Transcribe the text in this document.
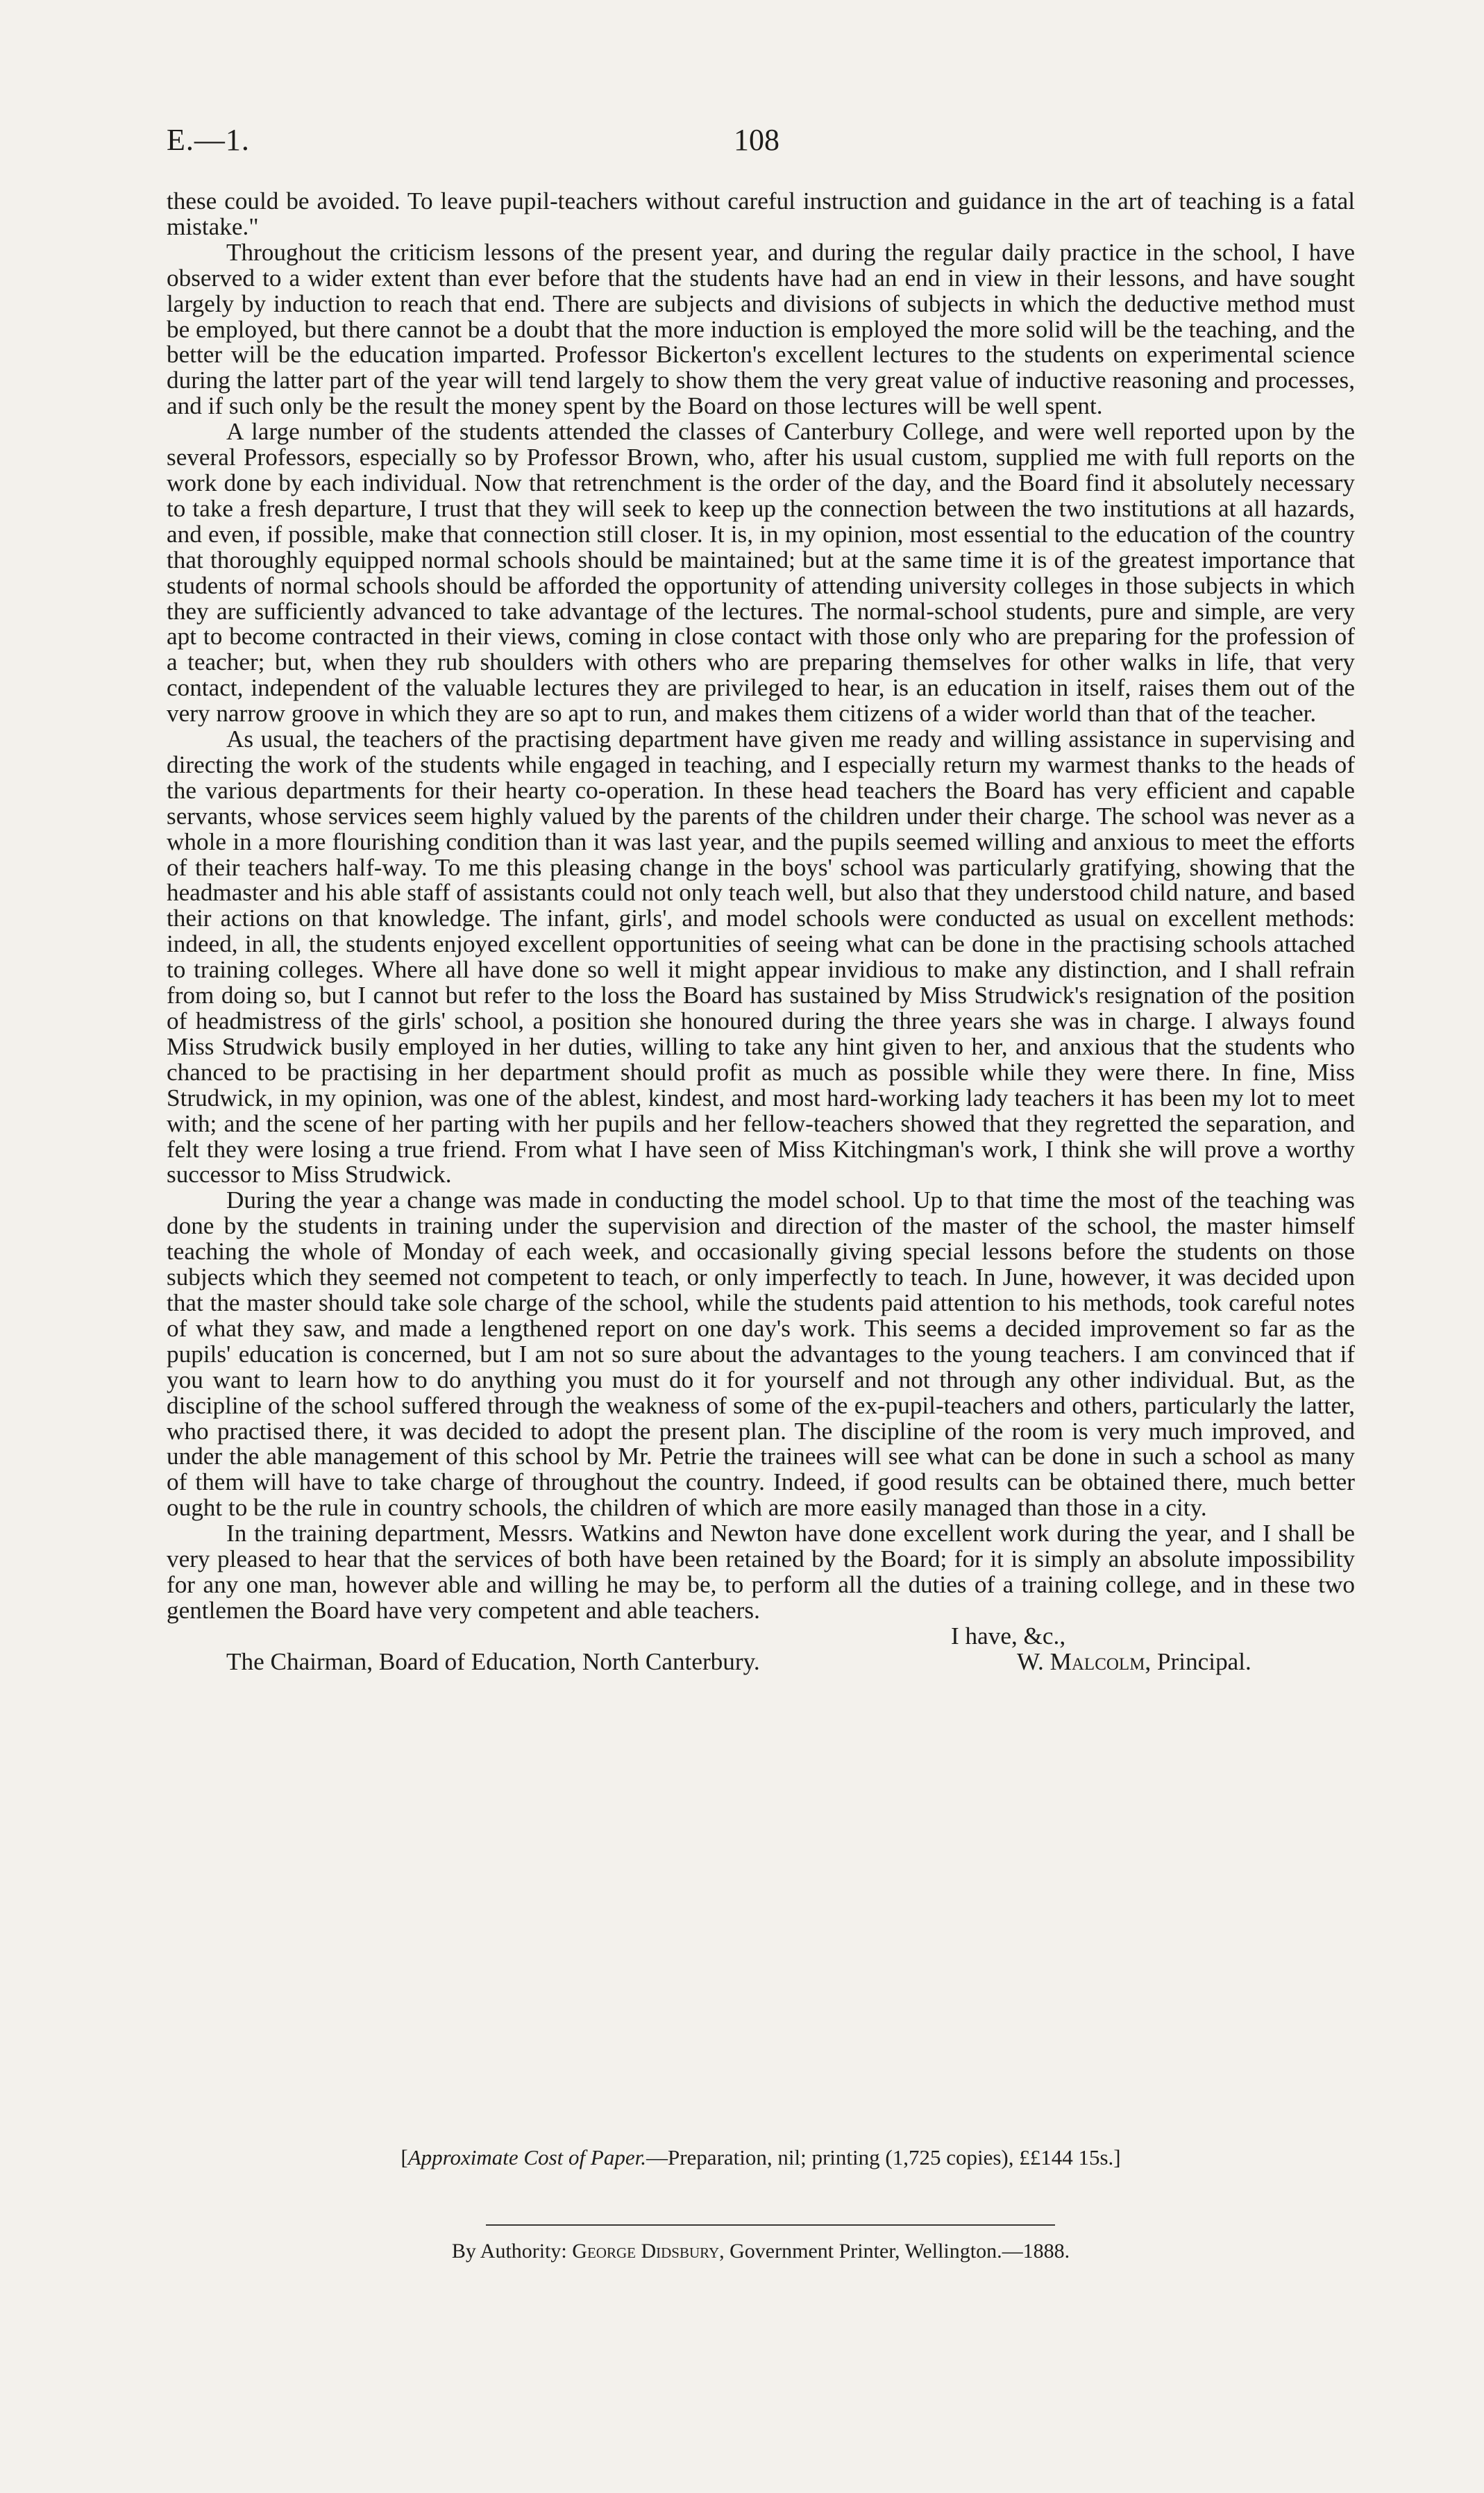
E.—1.	108

these could be avoided. To leave pupil-teachers without careful instruction and guidance in the art of teaching is a fatal mistake."

Throughout the criticism lessons of the present year, and during the regular daily practice in the school, I have observed to a wider extent than ever before that the students have had an end in view in their lessons, and have sought largely by induction to reach that end. There are subjects and divisions of subjects in which the deductive method must be employed, but there cannot be a doubt that the more induction is employed the more solid will be the teaching, and the better will be the education imparted. Professor Bickerton's excellent lectures to the students on experimental science during the latter part of the year will tend largely to show them the very great value of inductive reasoning and processes, and if such only be the result the money spent by the Board on those lectures will be well spent.

A large number of the students attended the classes of Canterbury College, and were well reported upon by the several Professors, especially so by Professor Brown, who, after his usual custom, supplied me with full reports on the work done by each individual. Now that retrenchment is the order of the day, and the Board find it absolutely necessary to take a fresh departure, I trust that they will seek to keep up the connection between the two institutions at all hazards, and even, if possible, make that connection still closer. It is, in my opinion, most essential to the education of the country that thoroughly equipped normal schools should be maintained; but at the same time it is of the greatest importance that students of normal schools should be afforded the opportunity of attending university colleges in those subjects in which they are sufficiently advanced to take advantage of the lectures. The normal-school students, pure and simple, are very apt to become contracted in their views, coming in close contact with those only who are preparing for the profession of a teacher; but, when they rub shoulders with others who are preparing themselves for other walks in life, that very contact, independent of the valuable lectures they are privileged to hear, is an education in itself, raises them out of the very narrow groove in which they are so apt to run, and makes them citizens of a wider world than that of the teacher.

As usual, the teachers of the practising department have given me ready and willing assistance in supervising and directing the work of the students while engaged in teaching, and I especially return my warmest thanks to the heads of the various departments for their hearty co-operation. In these head teachers the Board has very efficient and capable servants, whose services seem highly valued by the parents of the children under their charge. The school was never as a whole in a more flourishing condition than it was last year, and the pupils seemed willing and anxious to meet the efforts of their teachers half-way. To me this pleasing change in the boys' school was particularly gratifying, showing that the headmaster and his able staff of assistants could not only teach well, but also that they understood child nature, and based their actions on that knowledge. The infant, girls', and model schools were conducted as usual on excellent methods: indeed, in all, the students enjoyed excellent opportunities of seeing what can be done in the practising schools attached to training colleges. Where all have done so well it might appear invidious to make any distinction, and I shall refrain from doing so, but I cannot but refer to the loss the Board has sustained by Miss Strudwick's resignation of the position of headmistress of the girls' school, a position she honoured during the three years she was in charge. I always found Miss Strudwick busily employed in her duties, willing to take any hint given to her, and anxious that the students who chanced to be practising in her department should profit as much as possible while they were there. In fine, Miss Strudwick, in my opinion, was one of the ablest, kindest, and most hard-working lady teachers it has been my lot to meet with; and the scene of her parting with her pupils and her fellow-teachers showed that they regretted the separation, and felt they were losing a true friend. From what I have seen of Miss Kitchingman's work, I think she will prove a worthy successor to Miss Strudwick.

During the year a change was made in conducting the model school. Up to that time the most of the teaching was done by the students in training under the supervision and direction of the master of the school, the master himself teaching the whole of Monday of each week, and occasionally giving special lessons before the students on those subjects which they seemed not competent to teach, or only imperfectly to teach. In June, however, it was decided upon that the master should take sole charge of the school, while the students paid attention to his methods, took careful notes of what they saw, and made a lengthened report on one day's work. This seems a decided improvement so far as the pupils' education is concerned, but I am not so sure about the advantages to the young teachers. I am convinced that if you want to learn how to do anything you must do it for yourself and not through any other individual. But, as the discipline of the school suffered through the weakness of some of the ex-pupil-teachers and others, particularly the latter, who practised there, it was decided to adopt the present plan. The discipline of the room is very much improved, and under the able management of this school by Mr. Petrie the trainees will see what can be done in such a school as many of them will have to take charge of throughout the country. Indeed, if good results can be obtained there, much better ought to be the rule in country schools, the children of which are more easily managed than those in a city.

In the training department, Messrs. Watkins and Newton have done excellent work during the year, and I shall be very pleased to hear that the services of both have been retained by the Board; for it is simply an absolute impossibility for any one man, however able and willing he may be, to perform all the duties of a training college, and in these two gentlemen the Board have very competent and able teachers.

I have, &c.,
The Chairman, Board of Education, North Canterbury.	W. Malcolm, Principal.
[Approximate Cost of Paper.—Preparation, nil; printing (1,725 copies), ££144 15s.]
By Authority: George Didsbury, Government Printer, Wellington.—1888.
